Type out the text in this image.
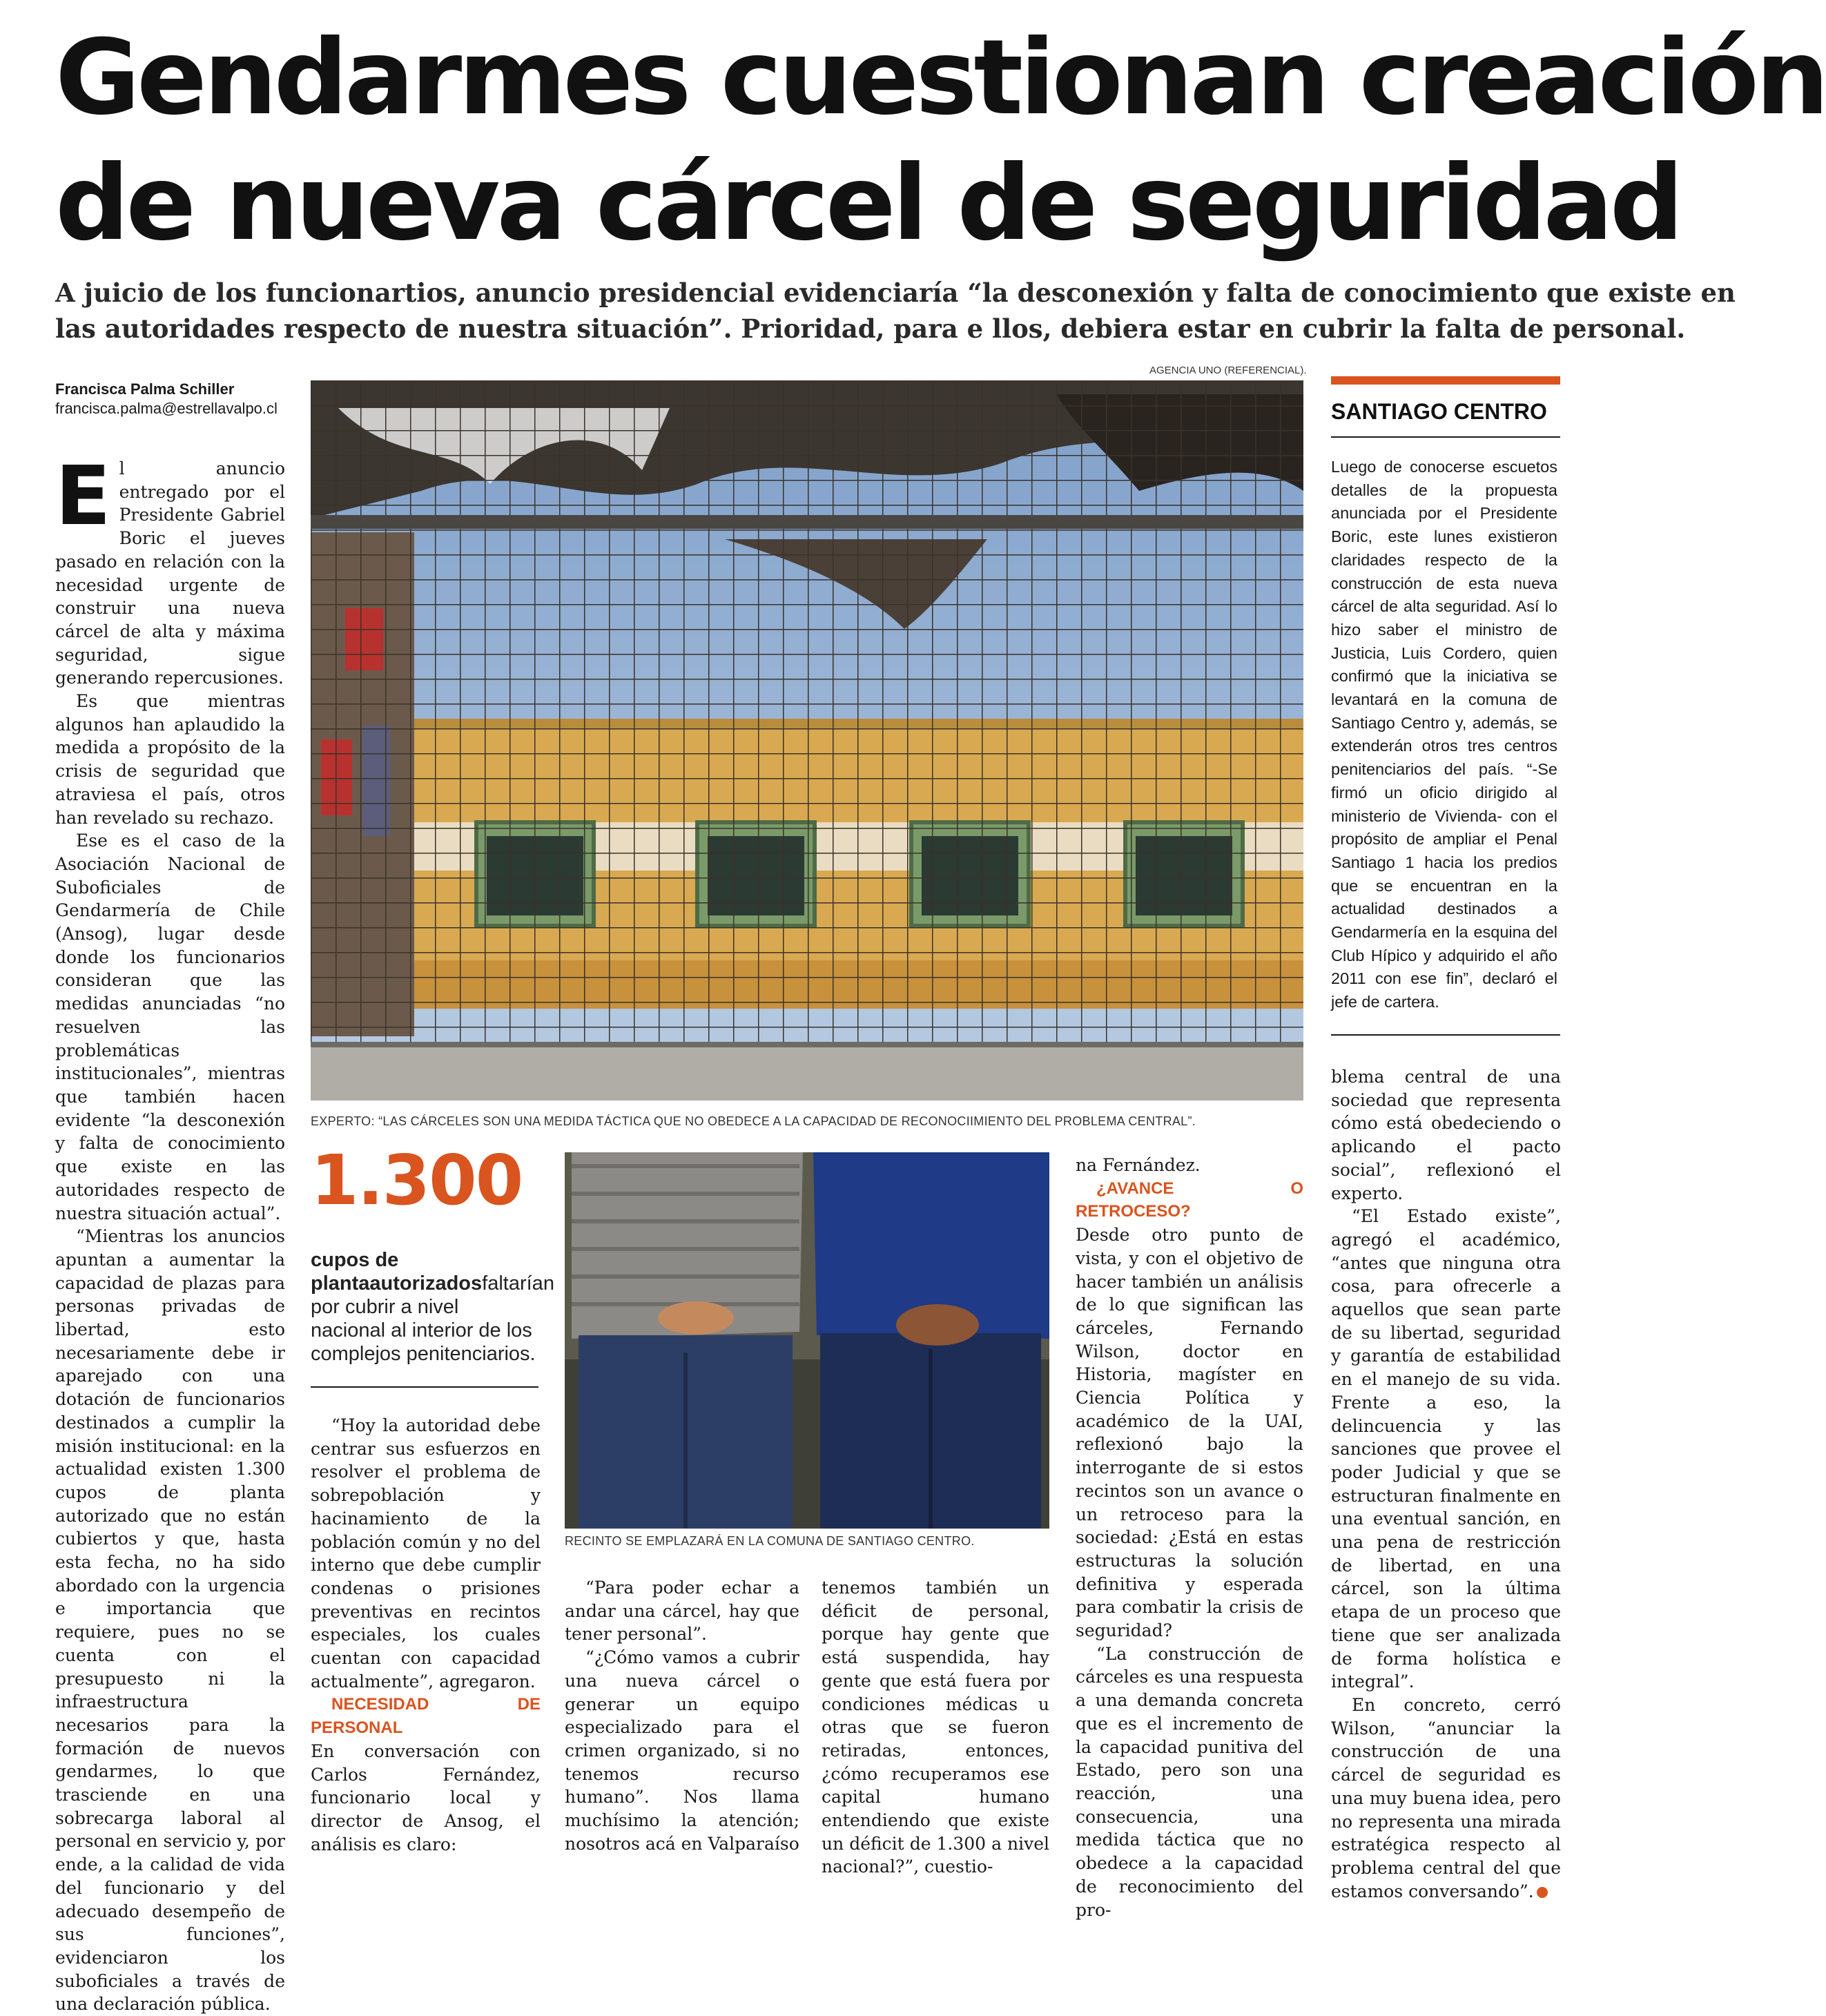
Gendarmes cuestionan creación
de nueva cárcel de seguridad

A juicio de los funcionartios, anuncio presidencial evidenciaría “la desconexión y falta de conocimiento que existe en
las autoridades respecto de nuestra situación”. Prioridad, para e llos, debiera estar en cubrir la falta de personal.

Francisca Palma Schiller
francisca.palma@estrellavalpo.cl
AGENCIA UNO (REFERENCIAL).
EXPERTO: “LAS CÁRCELES SON UNA MEDIDA TÁCTICA QUE NO OBEDECE A LA CAPACIDAD DE RECONOCIIMIENTO DEL PROBLEMA CENTRAL”.
E l anuncio entregado por el Presidente Gabriel Boric el jueves pasado en relación con la necesidad urgente de construir una nueva cárcel de alta y máxima seguridad, sigue generando repercusiones.

Es que mientras algunos han aplaudido la medida a propósito de la crisis de seguridad que atraviesa el país, otros han revelado su rechazo.

Ese es el caso de la Asociación Nacional de Suboficiales de Gendarmería de Chile (Ansog), lugar desde donde los funcionarios consideran que las medidas anunciadas “no resuelven las problemáticas institucionales”, mientras que también hacen evidente “la desconexión y falta de conocimiento que existe en las autoridades respecto de nuestra situación actual”.

“Mientras los anuncios apuntan a aumentar la capacidad de plazas para personas privadas de libertad, esto necesariamente debe ir aparejado con una dotación de funcionarios destinados a cumplir la misión institucional: en la actualidad existen 1.300 cupos de planta autorizado que no están cubiertos y que, hasta esta fecha, no ha sido abordado con la urgencia e importancia que requiere, pues no se cuenta con el presupuesto ni la infraestructura necesarios para la formación de nuevos gendarmes, lo que trasciende en una sobrecarga laboral al personal en servicio y, por ende, a la calidad de vida del funcionario y del adecuado desempeño de sus funciones”, evidenciaron los suboficiales a través de una declaración pública.

1.300
cupos de plantaautorizadosfaltarían por cubrir a nivel nacional al interior de los complejos penitenciarios.

“Hoy la autoridad debe centrar sus esfuerzos en resolver el problema de sobrepoblación y hacinamiento de la población común y no del interno que debe cumplir condenas o prisiones preventivas en recintos especiales, los cuales cuentan con capacidad actualmente”, agregaron.

NECESIDAD DE PERSONAL

En conversación con Carlos Fernández, funcionario local y director de Ansog, el análisis es claro:

RECINTO SE EMPLAZARÁ EN LA COMUNA DE SANTIAGO CENTRO.

“Para poder echar a andar una cárcel, hay que tener personal”.

“¿Cómo vamos a cubrir una nueva cárcel o generar un equipo especializado para el crimen organizado, si no tenemos recurso humano”. Nos llama muchísimo la atención; nosotros acá en Valparaíso

tenemos también un déficit de personal, porque hay gente que está suspendida, hay gente que está fuera por condiciones médicas u otras que se fueron retiradas, entonces, ¿cómo recuperamos ese capital humano entendiendo que existe un déficit de 1.300 a nivel nacional?”, cuestio-

na Fernández.

¿AVANCE O RETROCESO?

Desde otro punto de vista, y con el objetivo de hacer también un análisis de lo que significan las cárceles, Fernando Wilson, doctor en Historia, magíster en Ciencia Política y académico de la UAI, reflexionó bajo la interrogante de si estos recintos son un avance o un retroceso para la sociedad: ¿Está en estas estructuras la solución definitiva y esperada para combatir la crisis de seguridad?

“La construcción de cárceles es una respuesta a una demanda concreta que es el incremento de la capacidad punitiva del Estado, pero son una reacción, una consecuencia, una medida táctica que no obedece a la capacidad de reconocimiento del pro-

SANTIAGO CENTRO

Luego de conocerse escuetos detalles de la propuesta anunciada por el Presidente Boric, este lunes existieron claridades respecto de la construcción de esta nueva cárcel de alta seguridad. Así lo hizo saber el ministro de Justicia, Luis Cordero, quien confirmó que la iniciativa se levantará en la comuna de Santiago Centro y, además, se extenderán otros tres centros penitenciarios del país. “-Se firmó un oficio dirigido al ministerio de Vivienda- con el propósito de ampliar el Penal Santiago 1 hacia los predios que se encuentran en la actualidad destinados a Gendarmería en la esquina del Club Hípico y adquirido el año 2011 con ese fin”, declaró el jefe de cartera.

blema central de una sociedad que representa cómo está obedeciendo o aplicando el pacto social”, reflexionó el experto.

“El Estado existe”, agregó el académico, “antes que ninguna otra cosa, para ofrecerle a aquellos que sean parte de su libertad, seguridad y garantía de estabilidad en el manejo de su vida. Frente a eso, la delincuencia y las sanciones que provee el poder Judicial y que se estructuran finalmente en una eventual sanción, en una pena de restricción de libertad, en una cárcel, son la última etapa de un proceso que tiene que ser analizada de forma holística e integral”.

En concreto, cerró Wilson, “anunciar la construcción de una cárcel de seguridad es una muy buena idea, pero no representa una mirada estratégica respecto al problema central del que estamos conversando”.
